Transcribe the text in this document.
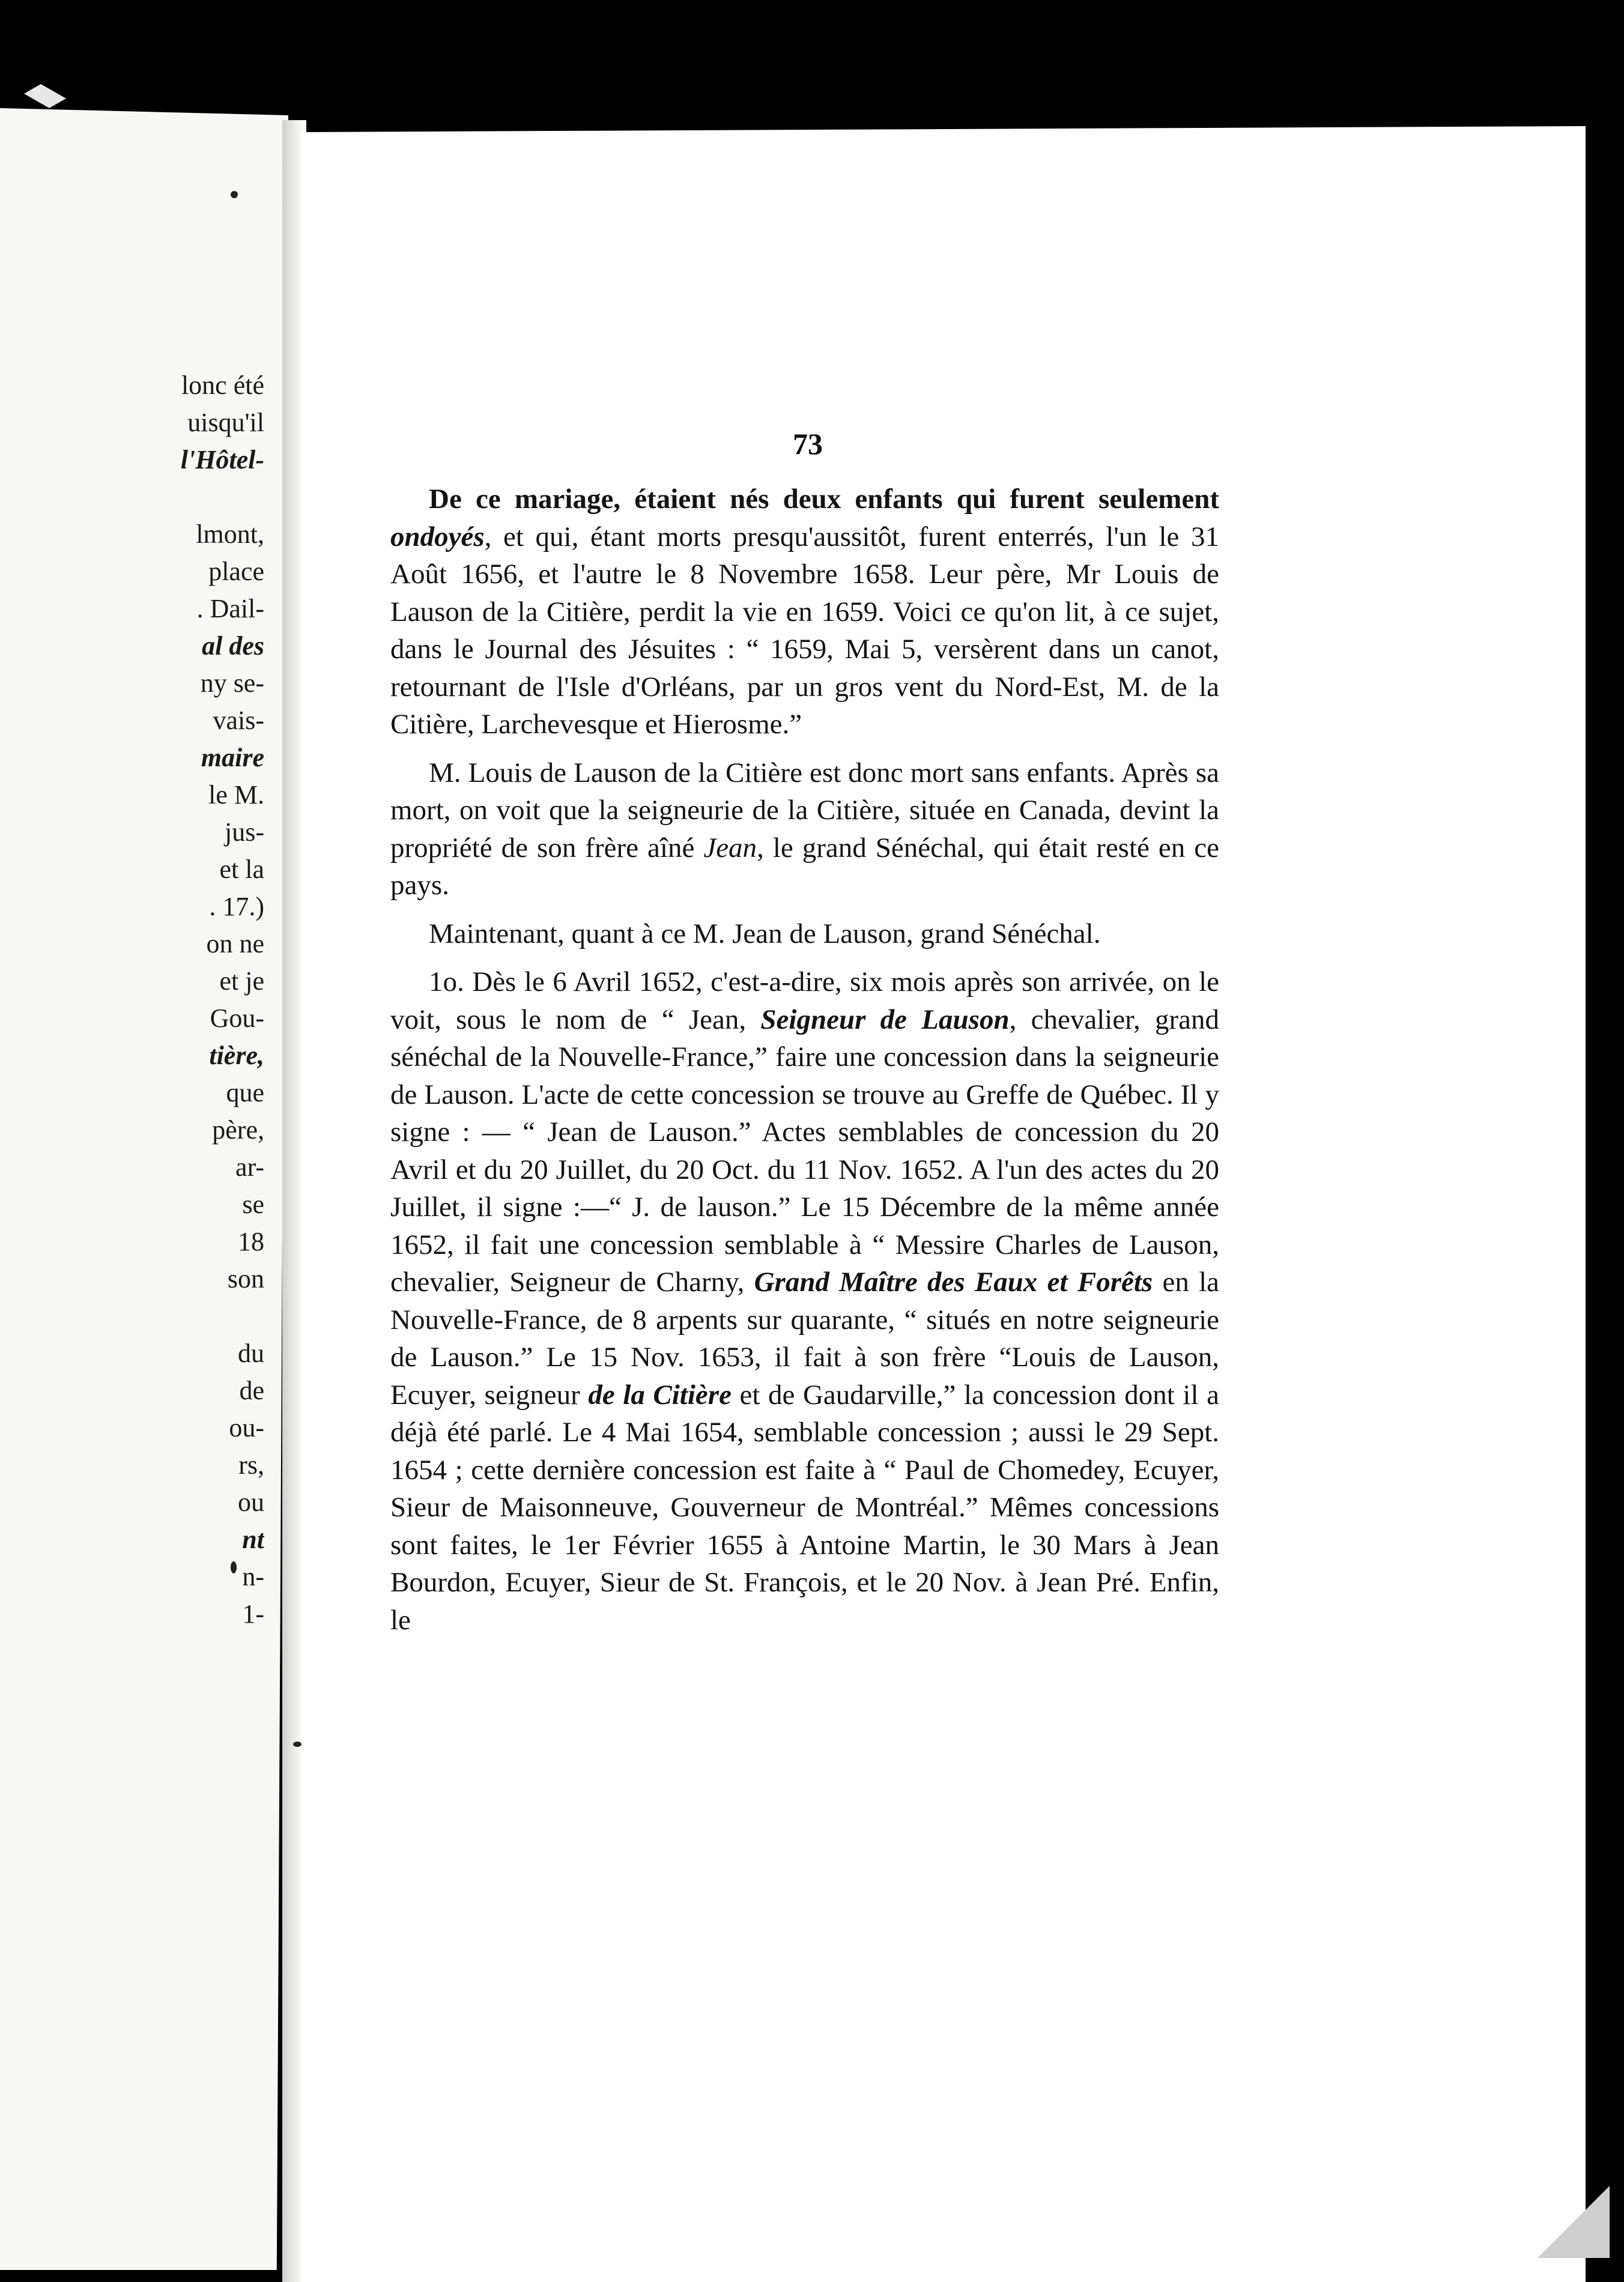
lonc été
uisqu'il
l'Hôtel-
lmont,
place
. Dail-
al des
ny se-
vais-
maire
le M.
jus-
et la
. 17.)
on ne
et je
Gou-
tière,
que
père,
ar-
se
18
son
du
de
ou-
rs,
ou
nt
n-
1-
73

De ce mariage, étaient nés deux enfants qui furent seulement ondoyés, et qui, étant morts presqu'aussitôt, furent enterrés, l'un le 31 Août 1656, et l'autre le 8 Novembre 1658. Leur père, Mr Louis de Lauson de la Citière, perdit la vie en 1659. Voici ce qu'on lit, à ce sujet, dans le Journal des Jésuites : “ 1659, Mai 5, versèrent dans un canot, retournant de l'Isle d'Orléans, par un gros vent du Nord-Est, M. de la Citière, Larchevesque et Hierosme.”

M. Louis de Lauson de la Citière est donc mort sans enfants. Après sa mort, on voit que la seigneurie de la Citière, située en Canada, devint la propriété de son frère aîné Jean, le grand Sénéchal, qui était resté en ce pays.

Maintenant, quant à ce M. Jean de Lauson, grand Sénéchal.

1o. Dès le 6 Avril 1652, c'est-a-dire, six mois après son arrivée, on le voit, sous le nom de “ Jean, Seigneur de Lauson, chevalier, grand sénéchal de la Nouvelle-France,” faire une concession dans la seigneurie de Lauson. L'acte de cette concession se trouve au Greffe de Québec. Il y signe : — “ Jean de Lauson.” Actes semblables de concession du 20 Avril et du 20 Juillet, du 20 Oct. du 11 Nov. 1652. A l'un des actes du 20 Juillet, il signe :—“ J. de lauson.” Le 15 Décembre de la même année 1652, il fait une concession semblable à “ Messire Charles de Lauson, chevalier, Seigneur de Charny, Grand Maître des Eaux et Forêts en la Nouvelle-France, de 8 arpents sur quarante, “ situés en notre seigneurie de Lauson.” Le 15 Nov. 1653, il fait à son frère “Louis de Lauson, Ecuyer, seigneur de la Citière et de Gaudarville,” la concession dont il a déjà été parlé. Le 4 Mai 1654, semblable concession ; aussi le 29 Sept. 1654 ; cette dernière concession est faite à “ Paul de Chomedey, Ecuyer, Sieur de Maisonneuve, Gouverneur de Montréal.” Mêmes concessions sont faites, le 1er Février 1655 à Antoine Martin, le 30 Mars à Jean Bourdon, Ecuyer, Sieur de St. François, et le 20 Nov. à Jean Pré. Enfin, le
